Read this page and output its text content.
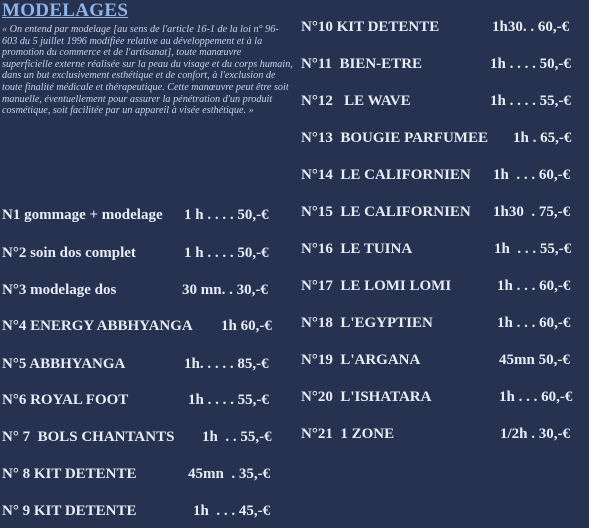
MODELAGES
« On entend par modelage [au sens de l'article 16-1 de la loi n° 96-603 du 5 juillet 1996 modifiée relative au développement et à la promotion du commerce et de l'artisanat], toute manœuvre superficielle externe réalisée sur la peau du visage et du corps humain, dans un but exclusivement esthétique et de confort, à l'exclusion de toute finalité médicale et thérapeutique. Cette manœuvre peut être soit manuelle, éventuellement pour assurer la pénétration d'un produit cosmétique, soit facilitée par un appareil à visée esthétique. »
N1 gommage + modelage 1 h . . . . 50,-€
N°2 soin dos complet	1 h . . . . 50,-€
N°3 modelage dos	30 mn. . 30,-€
N°4 ENERGY ABBHYANGA 1h 60,-€
N°5 ABBHYANGA	1h. . . . . 85,-€
N°6 ROYAL FOOT	1h . . . . 55,-€
N° 7  BOLS CHANTANTS 1h  . . 55,-€
N° 8 KIT DETENTE	45mn  . 35,-€
N° 9 KIT DETENTE	1h  . . . 45,-€
N°10 KIT DETENTE	1h30. . 60,-€
N°11  BIEN-ETRE	1h . . . . 50,-€
N°12   LE WAVE	1h . . . . 55,-€
N°13  BOUGIE PARFUMEE 1h . 65,-€
N°14  LE CALIFORNIEN 1h  . . . 60,-€
N°15  LE CALIFORNIEN 1h30  . 75,-€
N°16  LE TUINA	1h  . . . 55,-€
N°17  LE LOMI LOMI	1h . . . 60,-€
N°18  L'EGYPTIEN	1h . . . 60,-€
N°19  L'ARGANA	45mn 50,-€
N°20  L'ISHATARA	1h . . . 60,-€
N°21  1 ZONE	1/2h . 30,-€
